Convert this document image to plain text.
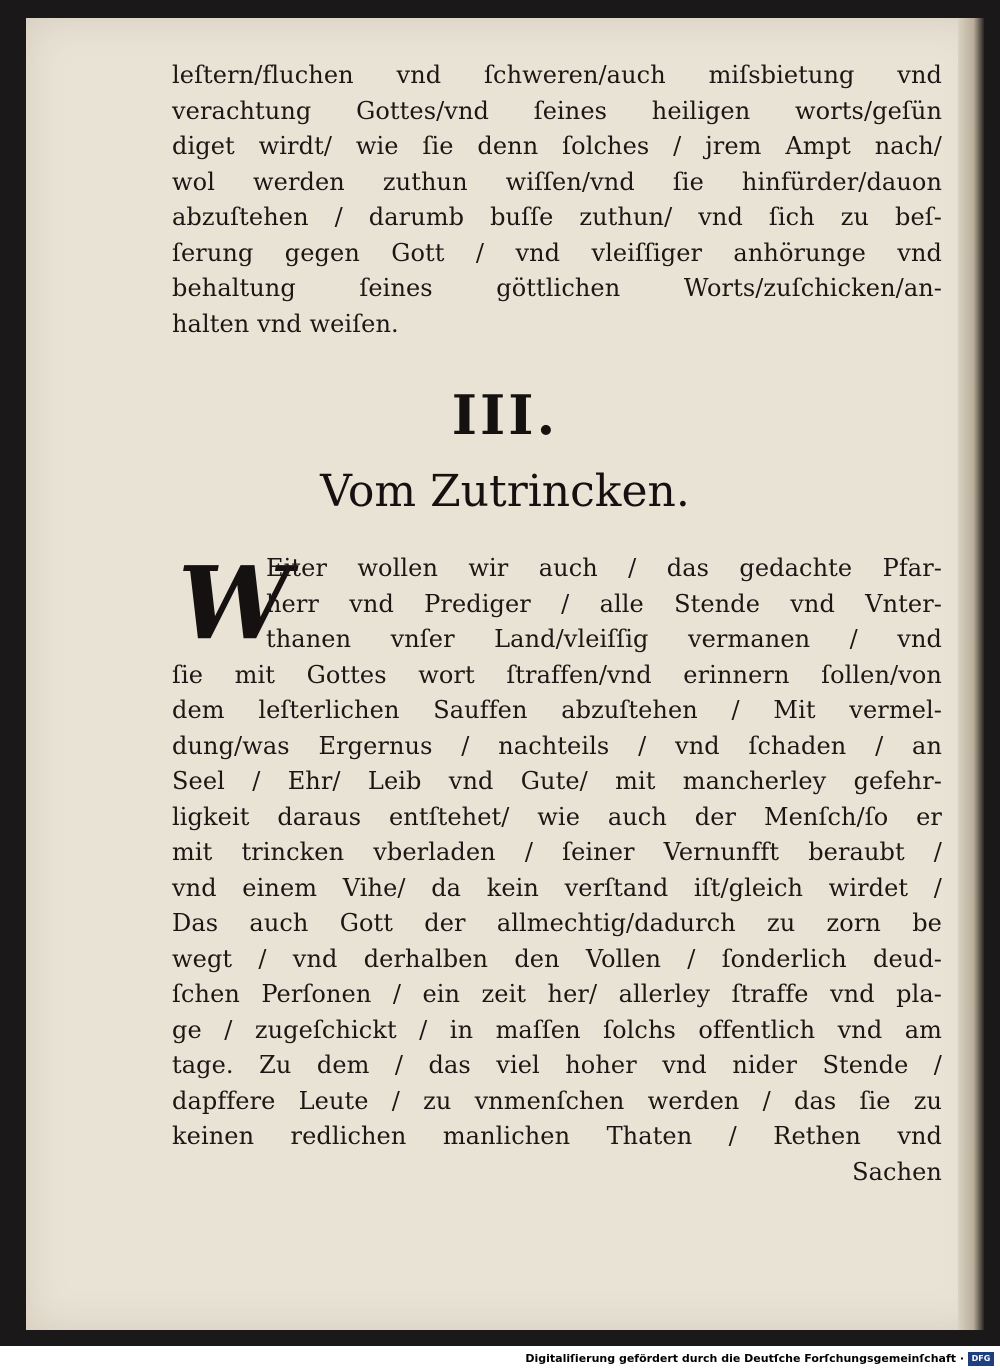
leſtern/fluchen vnd ſchweren/auch miſsbietung vnd
verachtung Gottes/vnd ſeines heiligen worts/geſün
diget wirdt/ wie ſie denn ſolches / jrem Ampt nach/
wol werden zuthun wiſſen/vnd ſie hinfürder/dauon
abzuſtehen / darumb buſſe zuthun/ vnd ſich zu beſ-
ſerung gegen Gott / vnd vleiſſiger anhörunge vnd
behaltung ſeines göttlichen Worts/zuſchicken/an-
halten vnd weiſen.
III.
Vom Zutrincken.
W
Eiter wollen wir auch / das gedachte Pfar-
herr vnd Prediger / alle Stende vnd Vnter-
thanen vnſer Land/vleiſſig vermanen / vnd
ſie mit Gottes wort ſtraffen/vnd erinnern ſollen/von
dem leſterlichen Sauffen abzuſtehen / Mit vermel-
dung/was Ergernus / nachteils / vnd ſchaden / an
Seel / Ehr/ Leib vnd Gute/ mit mancherley gefehr-
ligkeit daraus entſtehet/ wie auch der Menſch/ſo er
mit trincken vberladen / ſeiner Vernunfft beraubt /
vnd einem Vihe/ da kein verſtand iſt/gleich wirdet /
Das auch Gott der allmechtig/dadurch zu zorn be
wegt / vnd derhalben den Vollen / ſonderlich deud-
ſchen Perſonen / ein zeit her/ allerley ſtraffe vnd pla-
ge / zugeſchickt / in maſſen ſolchs offentlich vnd am
tage. Zu dem / das viel hoher vnd nider Stende /
dapffere Leute / zu vnmenſchen werden / das ſie zu
keinen redlichen manlichen Thaten / Rethen vnd
Sachen
Digitaliſierung gefördert durch die Deutſche Forſchungsgemeinſchaft · DFG
